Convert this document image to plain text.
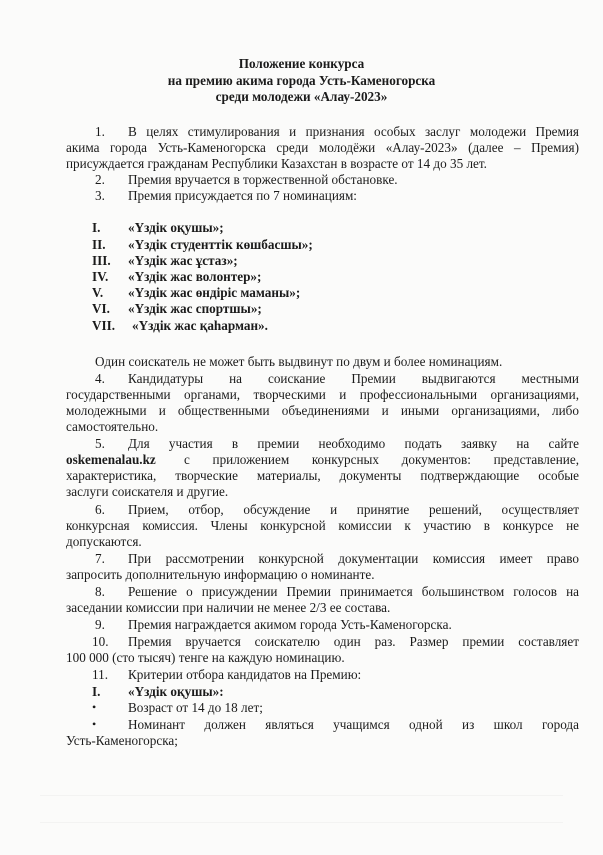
Положение конкурса
на премию акима города Усть-Каменогорска
среди молодежи «Алау-2023»
1. В целях стимулирования и признания особых заслуг молодежи Премия
акима города Усть-Каменогорска среди молодёжи «Алау-2023» (далее – Премия)
присуждается гражданам Республики Казахстан в возрасте от 14 до 35 лет.
2. Премия вручается в торжественной обстановке.
3. Премия присуждается по 7 номинациям:
I. «Үздік оқушы»;
II. «Үздік студенттік көшбасшы»;
III. «Үздік жас ұстаз»;
IV. «Үздік жас волонтер»;
V. «Үздік жас өндіріс маманы»;
VI. «Үздік жас спортшы»;
VII. «Үздік жас қаһарман».
Один соискатель не может быть выдвинут по двум и более номинациям.
4. Кандидатуры на соискание Премии выдвигаются местными
государственными органами, творческими и профессиональными организациями,
молодежными и общественными объединениями и иными организациями, либо
самостоятельно.
5. Для участия в премии необходимо подать заявку на сайте
oskemenalau.kz с приложением конкурсных документов: представление,
характеристика, творческие материалы, документы подтверждающие особые
заслуги соискателя и другие.
6. Прием, отбор, обсуждение и принятие решений, осуществляет
конкурсная комиссия. Члены конкурсной комиссии к участию в конкурсе не
допускаются.
7. При рассмотрении конкурсной документации комиссия имеет право
запросить дополнительную информацию о номинанте.
8. Решение о присуждении Премии принимается большинством голосов на
заседании комиссии при наличии не менее 2/3 ее состава.
9. Премия награждается акимом города Усть-Каменогорска.
10. Премия вручается соискателю один раз. Размер премии составляет
100 000 (сто тысяч) тенге на каждую номинацию.
11. Критерии отбора кандидатов на Премию:
I. «Үздік оқушы»:
• Возраст от 14 до 18 лет;
• Номинант должен являться учащимся одной из школ города
Усть-Каменогорска;
